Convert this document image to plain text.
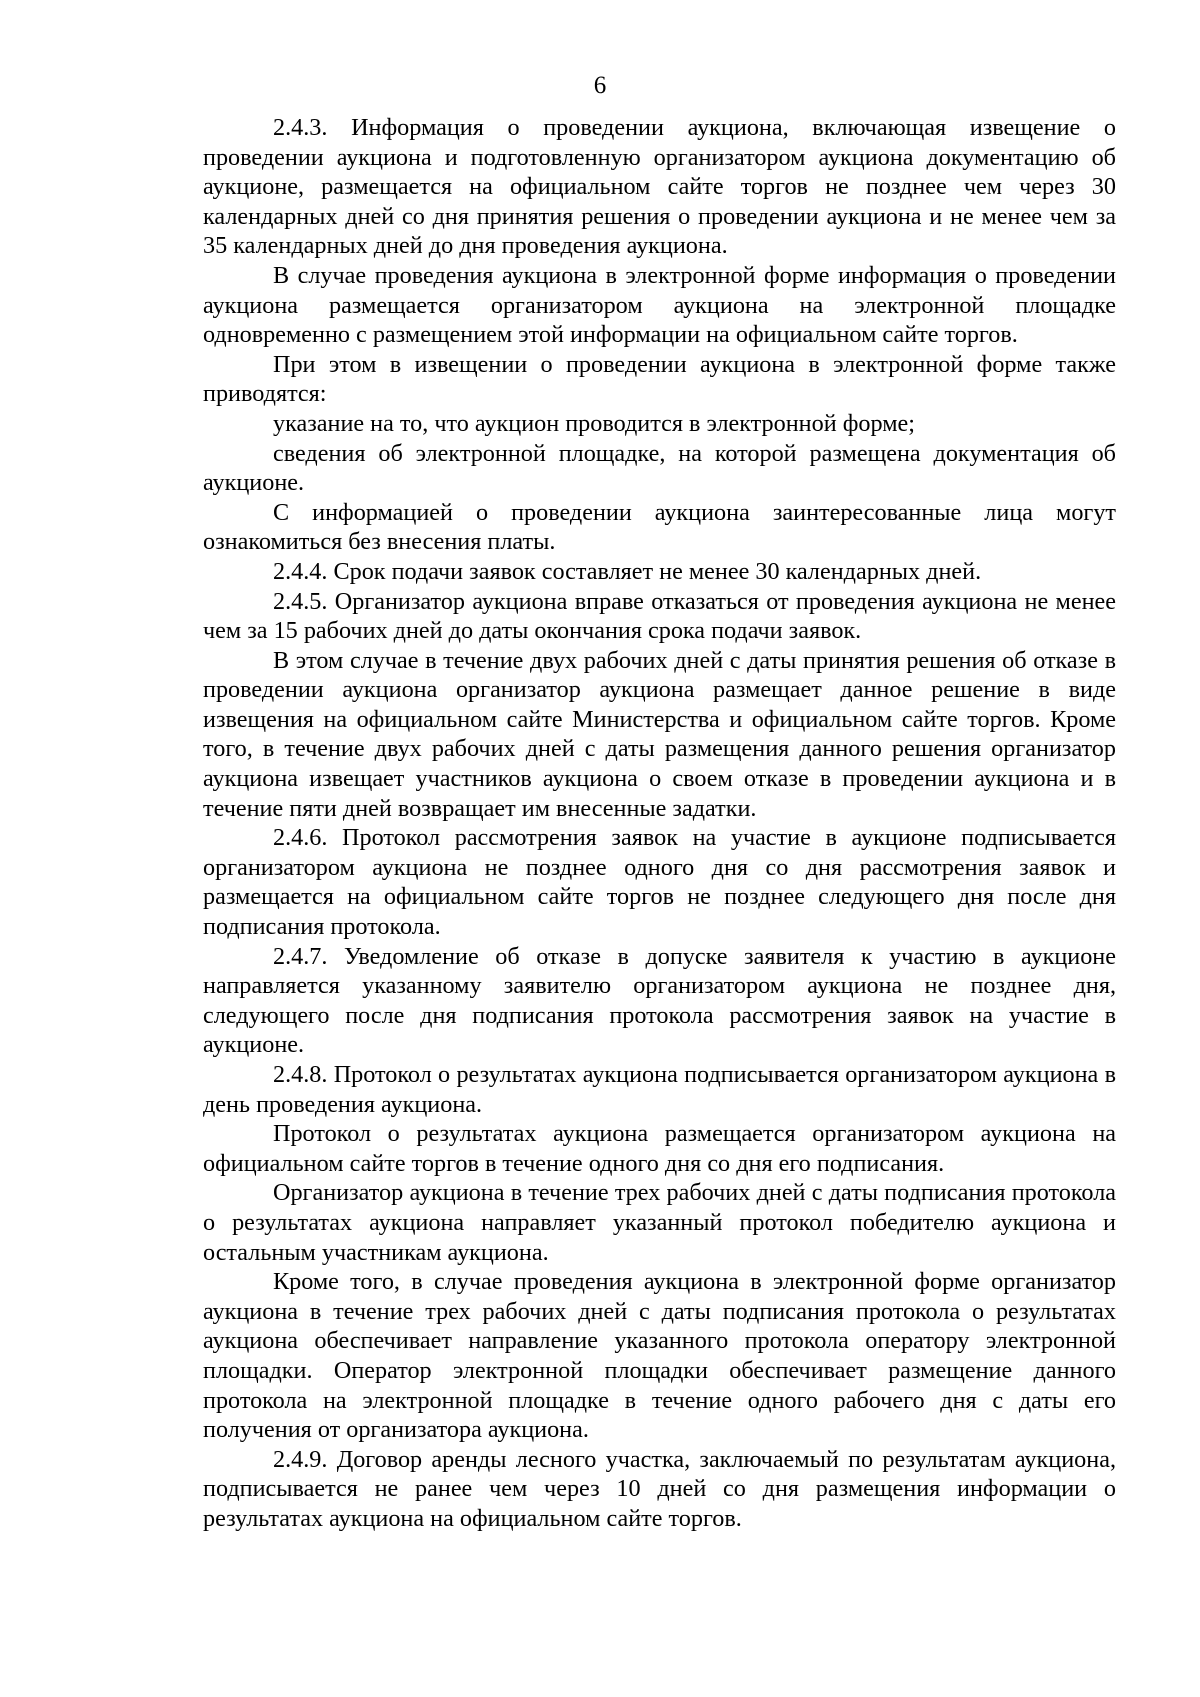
6

2.4.3. Информация о проведении аукциона, включающая извещение о проведении аукциона и подготовленную организатором аукциона документацию об аукционе, размещается на официальном сайте торгов не позднее чем через 30 календарных дней со дня принятия решения о проведении аукциона и не менее чем за 35 календарных дней до дня проведения аукциона.

В случае проведения аукциона в электронной форме информация о проведении аукциона размещается организатором аукциона на электронной площадке одновременно с размещением этой информации на официальном сайте торгов.

При этом в извещении о проведении аукциона в электронной форме также приводятся:

указание на то, что аукцион проводится в электронной форме;

сведения об электронной площадке, на которой размещена документация об аукционе.

С информацией о проведении аукциона заинтересованные лица могут ознакомиться без внесения платы.

2.4.4. Срок подачи заявок составляет не менее 30 календарных дней.

2.4.5. Организатор аукциона вправе отказаться от проведения аукциона не менее чем за 15 рабочих дней до даты окончания срока подачи заявок.

В этом случае в течение двух рабочих дней с даты принятия решения об отказе в проведении аукциона организатор аукциона размещает данное решение в виде извещения на официальном сайте Министерства и официальном сайте торгов. Кроме того, в течение двух рабочих дней с даты размещения данного решения организатор аукциона извещает участников аукциона о своем отказе в проведении аукциона и в течение пяти дней возвращает им внесенные задатки.

2.4.6. Протокол рассмотрения заявок на участие в аукционе подписывается организатором аукциона не позднее одного дня со дня рассмотрения заявок и размещается на официальном сайте торгов не позднее следующего дня после дня подписания протокола.

2.4.7. Уведомление об отказе в допуске заявителя к участию в аукционе направляется указанному заявителю организатором аукциона не позднее дня, следующего после дня подписания протокола рассмотрения заявок на участие в аукционе.

2.4.8. Протокол о результатах аукциона подписывается организатором аукциона в день проведения аукциона.

Протокол о результатах аукциона размещается организатором аукциона на официальном сайте торгов в течение одного дня со дня его подписания.

Организатор аукциона в течение трех рабочих дней с даты подписания протокола о результатах аукциона направляет указанный протокол победителю аукциона и остальным участникам аукциона.

Кроме того, в случае проведения аукциона в электронной форме организатор аукциона в течение трех рабочих дней с даты подписания протокола о результатах аукциона обеспечивает направление указанного протокола оператору электронной площадки. Оператор электронной площадки обеспечивает размещение данного протокола на электронной площадке в течение одного рабочего дня с даты его получения от организатора аукциона.

2.4.9. Договор аренды лесного участка, заключаемый по результатам аукциона, подписывается не ранее чем через 10 дней со дня размещения информации о результатах аукциона на официальном сайте торгов.
